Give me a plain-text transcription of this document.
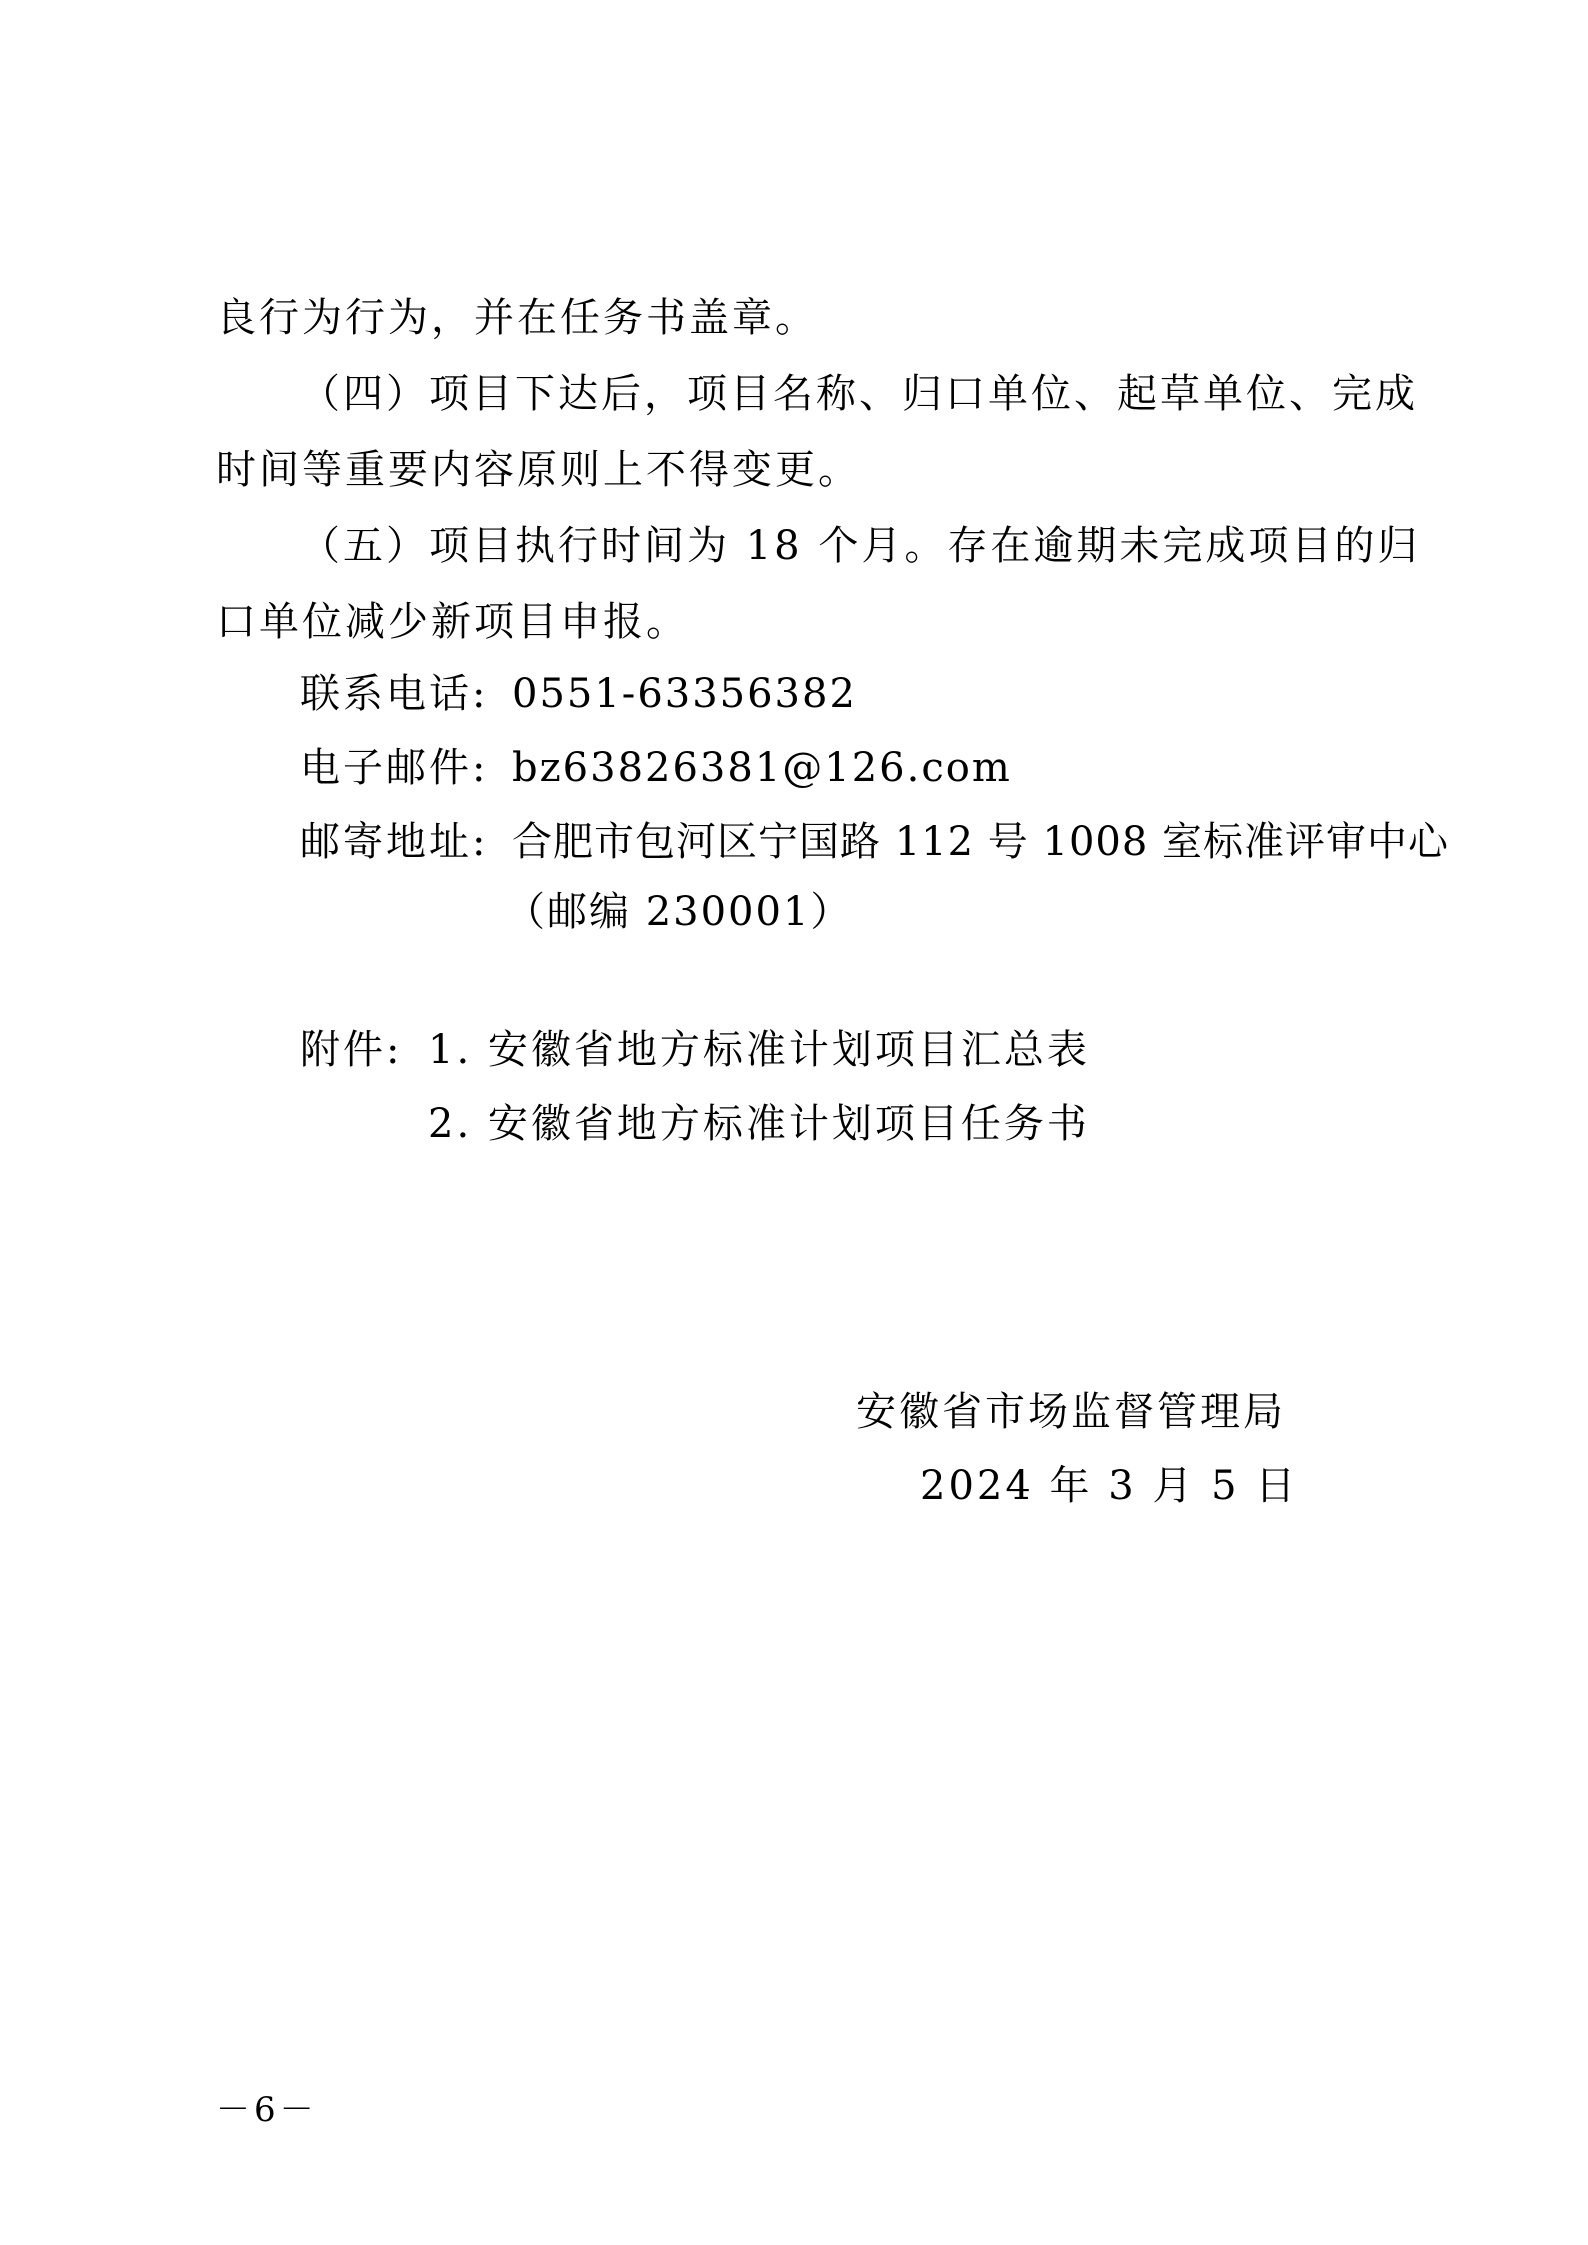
良行为行为，并在任务书盖章。
（四）项目下达后，项目名称、归口单位、起草单位、完成
时间等重要内容原则上不得变更。
（五）项目执行时间为 18 个月。存在逾期未完成项目的归
口单位减少新项目申报。
联系电话: 0551-63356382
电子邮件: bz63826381@126.com
邮寄地址: 合肥市包河区宁国路 112 号 1008 室标准评审中心
（邮编 230001）
附件: 1. 安徽省地方标准计划项目汇总表
2. 安徽省地方标准计划项目任务书
安徽省市场监督管理局
2024 年 3 月 5 日
－6－
